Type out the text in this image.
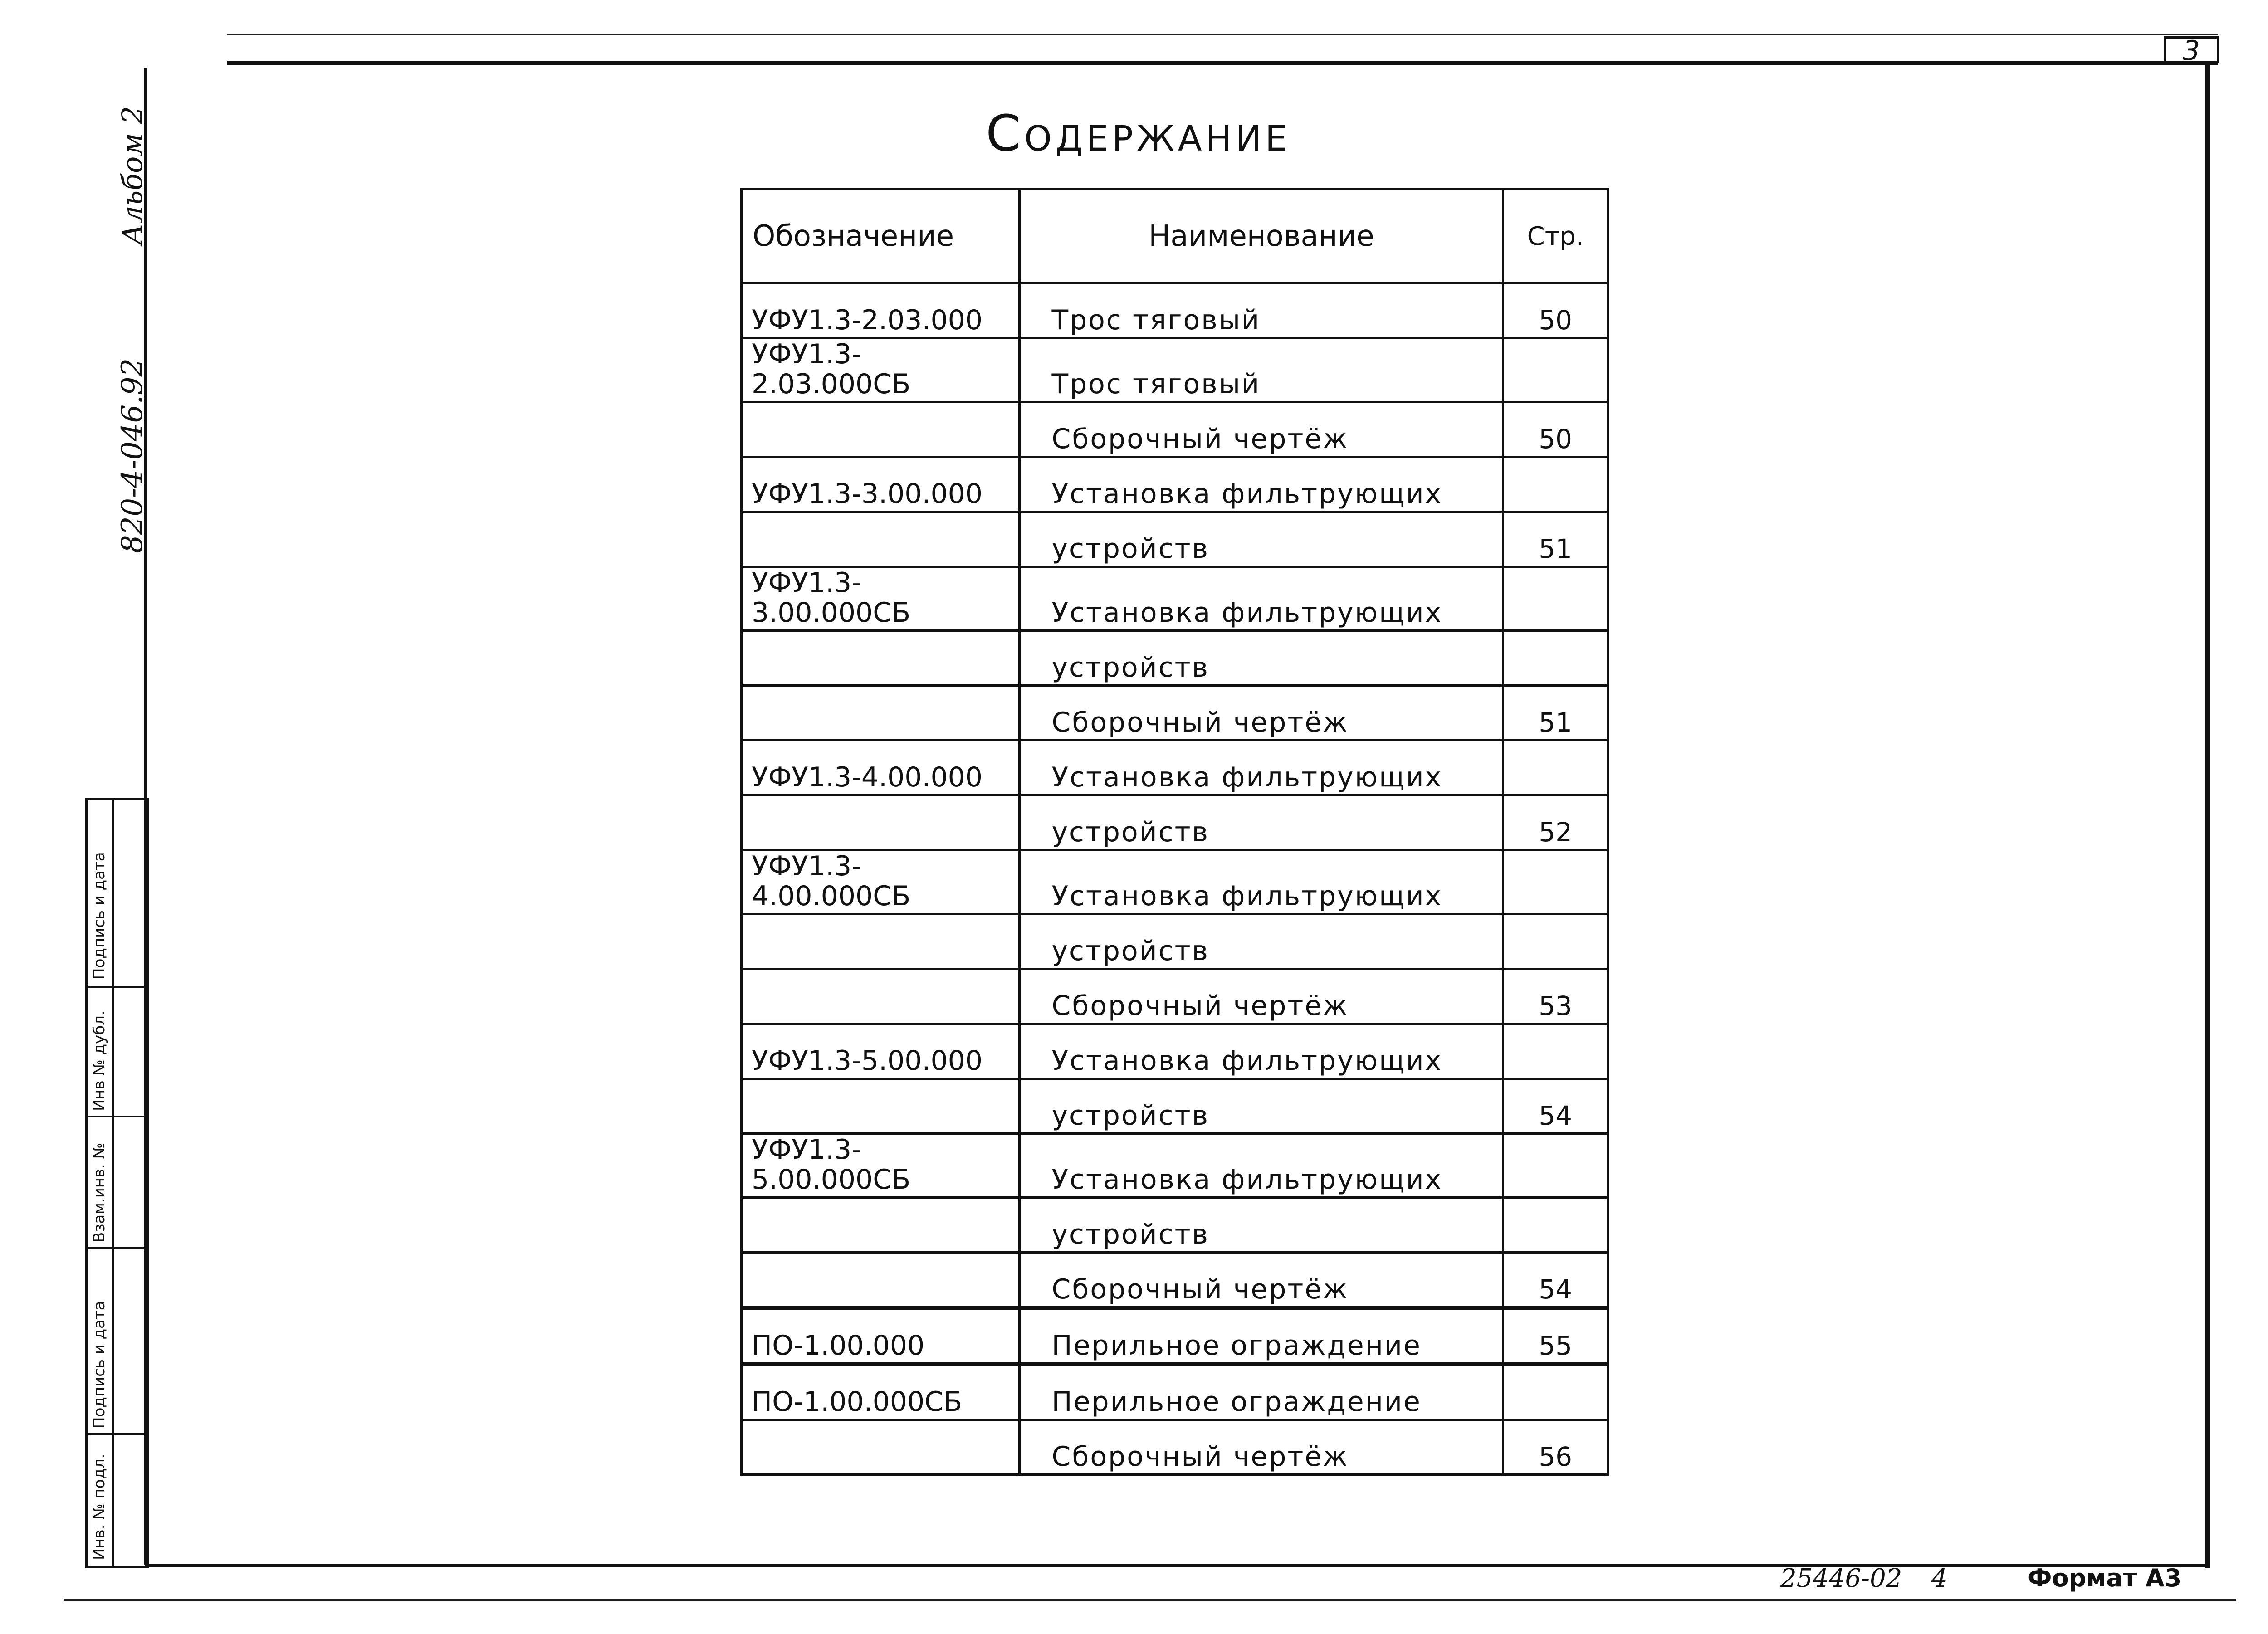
3
Альбом 2
820-4-046.92
Подпись и дата
Инв № дубл.
Взам.инв. №
Подпись и дата
Инв. № подл.
Содержание
Обозначение	Наименование	Стр.
УФУ1.3-2.03.000	Трос тяговый	50
УФУ1.3-2.03.000СБ	Трос тяговый	
	Сборочный чертёж	50
УФУ1.3-3.00.000	Установка фильтрующих	
	устройств	51
УФУ1.3-3.00.000СБ	Установка фильтрующих	
	устройств	
	Сборочный чертёж	51
УФУ1.3-4.00.000	Установка фильтрующих	
	устройств	52
УФУ1.3-4.00.000СБ	Установка фильтрующих	
	устройств	
	Сборочный чертёж	53
УФУ1.3-5.00.000	Установка фильтрующих	
	устройств	54
УФУ1.3-5.00.000СБ	Установка фильтрующих	
	устройств	
	Сборочный чертёж	54
ПО-1.00.000	Перильное ограждение	55
ПО-1.00.000СБ	Перильное ограждение	
	Сборочный чертёж	56
25446-02 4	Формат А3
